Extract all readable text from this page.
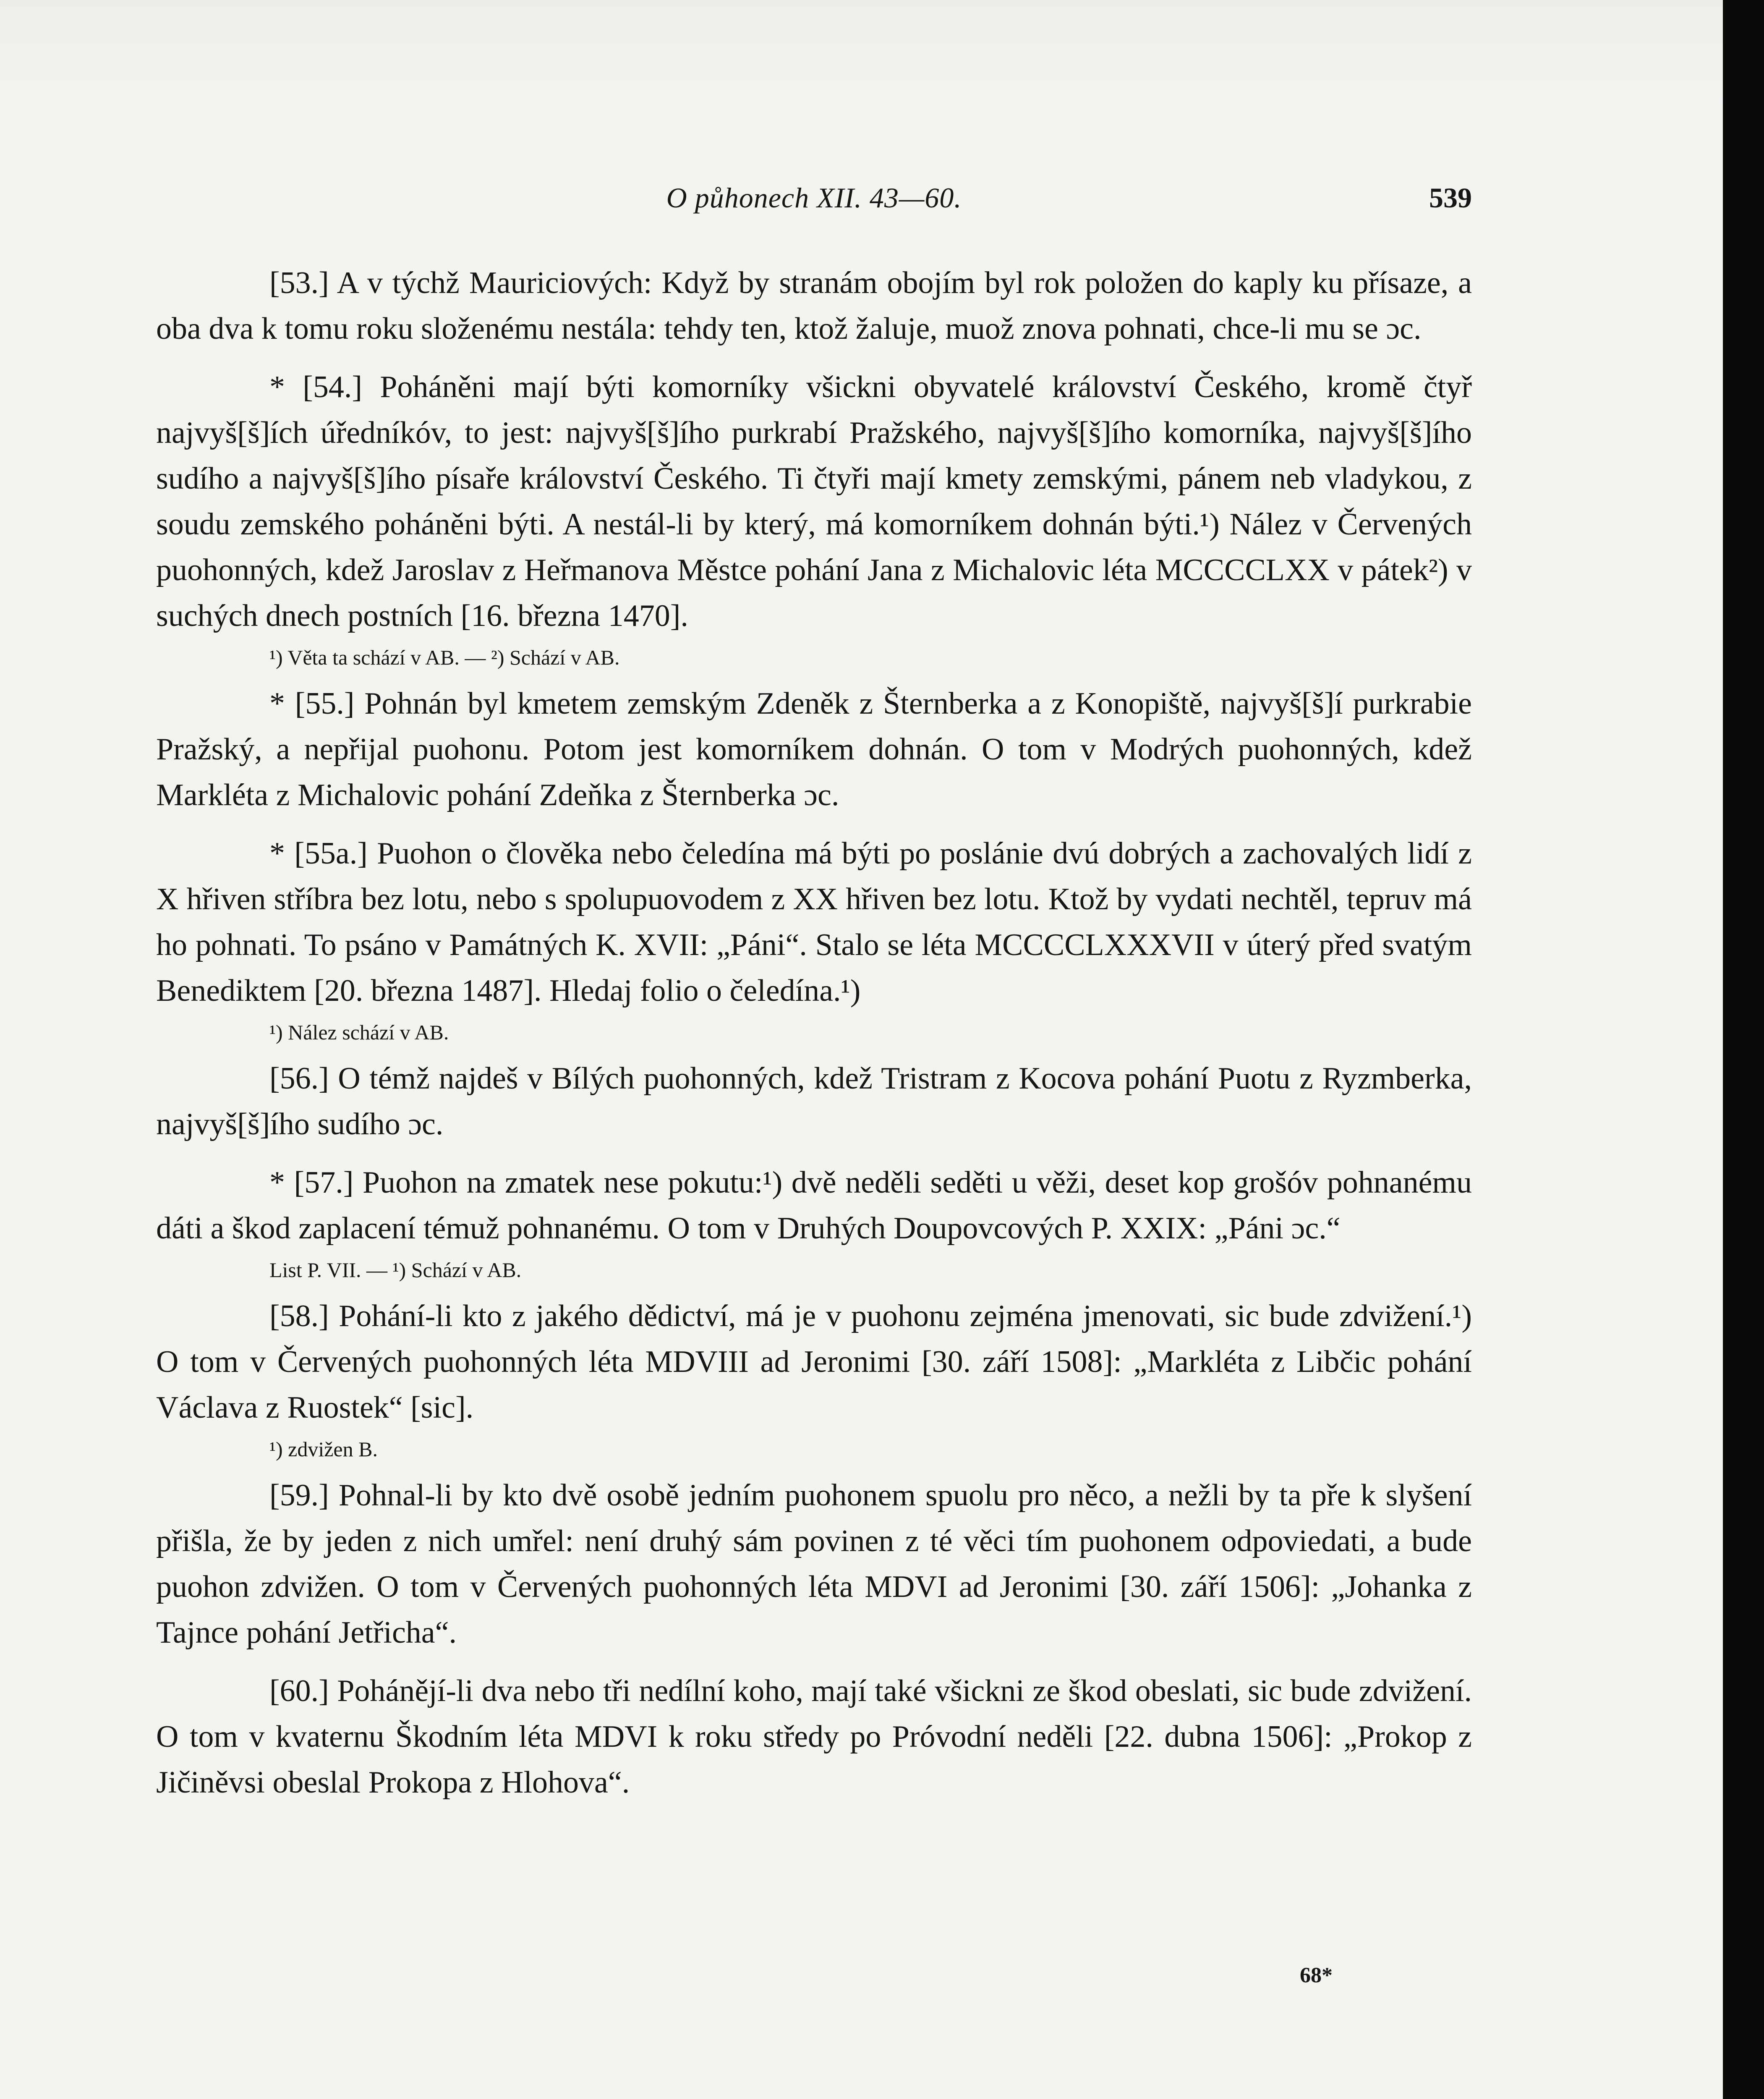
O půhonech XII. 43—60.	539

[53.] A v týchž Mauriciových: Když by stranám obojím byl rok položen do kaply ku přísaze, a oba dva k tomu roku složenému nestála: tehdy ten, ktož žaluje, muož znova pohnati, chce-li mu se ɔc.

* [54.] Poháněni mají býti komorníky všickni obyvatelé království Českého, kromě čtyř najvyš[š]ích úředníkóv, to jest: najvyš[š]ího purkrabí Pražského, najvyš[š]ího komorníka, najvyš[š]ího sudího a najvyš[š]ího písaře království Českého. Ti čtyři mají kmety zemskými, pánem neb vladykou, z soudu zemského poháněni býti. A nestál-li by který, má komorníkem dohnán býti.¹) Nález v Červených puohonných, kdež Jaroslav z Heřmanova Městce pohání Jana z Michalovic léta MCCCCLXX v pátek²) v suchých dnech postních [16. března 1470].

¹) Věta ta schází v AB. — ²) Schází v AB.

* [55.] Pohnán byl kmetem zemským Zdeněk z Šternberka a z Konopiště, najvyš[š]í purkrabie Pražský, a nepřijal puohonu. Potom jest komorníkem dohnán. O tom v Modrých puohonných, kdež Markléta z Michalovic pohání Zdeňka z Šternberka ɔc.

* [55a.] Puohon o člověka nebo čeledína má býti po poslánie dvú dobrých a zachovalých lidí z X hřiven stříbra bez lotu, nebo s spolupuovodem z XX hřiven bez lotu. Ktož by vydati nechtěl, tepruv má ho pohnati. To psáno v Památných K. XVII: „Páni“. Stalo se léta MCCCCLXXXVII v úterý před svatým Benediktem [20. března 1487]. Hledaj folio o čeledína.¹)

¹) Nález schází v AB.

[56.] O témž najdeš v Bílých puohonných, kdež Tristram z Kocova pohání Puotu z Ryzmberka, najvyš[š]ího sudího ɔc.

* [57.] Puohon na zmatek nese pokutu:¹) dvě neděli seděti u věži, deset kop grošóv pohnanému dáti a škod zaplacení témuž pohnanému. O tom v Druhých Doupovcových P. XXIX: „Páni ɔc.“

List P. VII. — ¹) Schází v AB.

[58.] Pohání-li kto z jakého dědictví, má je v puohonu zejména jmenovati, sic bude zdvižení.¹) O tom v Červených puohonných léta MDVIII ad Jeronimi [30. září 1508]: „Markléta z Libčic pohání Václava z Ruostek“ [sic].

¹) zdvižen B.

[59.] Pohnal-li by kto dvě osobě jedním puohonem spuolu pro něco, a nežli by ta pře k slyšení přišla, že by jeden z nich umřel: není druhý sám povinen z té věci tím puohonem odpoviedati, a bude puohon zdvižen. O tom v Červených puohonných léta MDVI ad Jeronimi [30. září 1506]: „Johanka z Tajnce pohání Jetřicha“.

[60.] Pohánějí-li dva nebo tři nedílní koho, mají také všickni ze škod obeslati, sic bude zdvižení. O tom v kvaternu Škodním léta MDVI k roku středy po Próvodní neděli [22. dubna 1506]: „Prokop z Jičiněvsi obeslal Prokopa z Hlohova“.

68*
